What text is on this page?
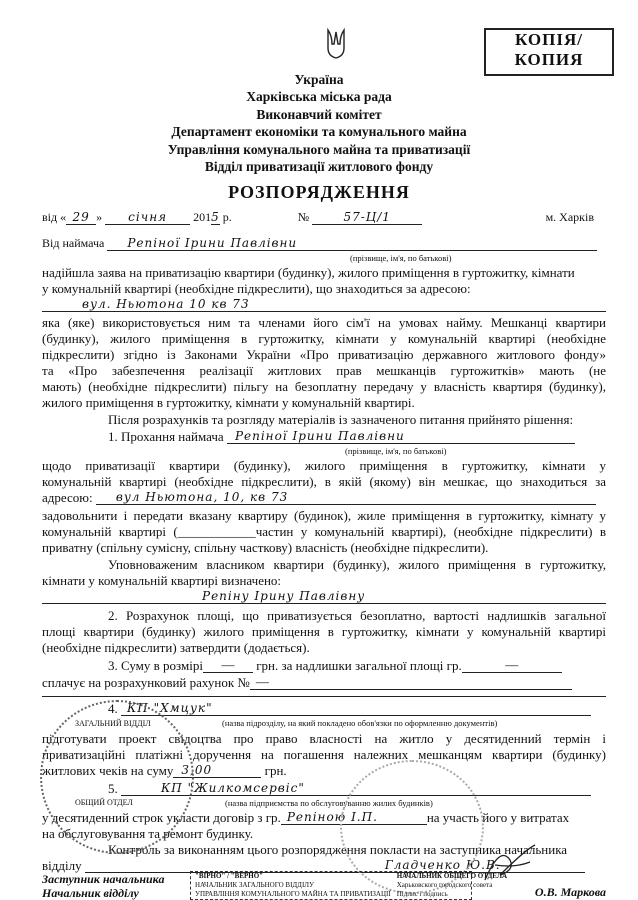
КОПІЯ/
КОПИЯ
Україна
Харківська міська рада
Виконавчий комітет
Департамент економіки та комунального майна
Управління комунального майна та приватизації
Відділ приватизації житлового фонду
РОЗПОРЯДЖЕННЯ
від « 29 » січня 2015 р.	№	57-Ц/1	м. Харків
Від наймача Репіної Ірини Павлівни
(прізвище, ім'я, по батькові)
надійшла заява на приватизацію квартири (будинку), жилого приміщення в гуртожитку, кімнати
у комунальній квартирі (необхідне підкреслити), що знаходиться за адресою:
вул. Ньютона 10 кв 73
яка (яке) використовується ним та членами його сім'ї на умовах найму. Мешканці квартири
(будинку), жилого приміщення в гуртожитку, кімнати у комунальній квартирі (необхідне
підкреслити) згідно із Законами України «Про приватизацію державного житлового фонду»
та «Про забезпечення реалізації житлових прав мешканців гуртожитків» мають (не
мають) (необхідне підкреслити) пільгу на безоплатну передачу у власність квартиря (будинку),
жилого приміщення в гуртожитку, кімнати у комунальній квартирі.
Після розрахунків та розгляду матеріалів із зазначеного питання прийнято рішення:
1. Прохання наймача Репіної Ірини Павлівни
(прізвище, ім'я, по батькові)
щодо приватизації квартири (будинку), жилого приміщення в гуртожитку, кімнати у
комунальній квартирі (необхідне підкреслити), в якій (якому) він мешкає, що знаходиться за
адресою: вул Ньютона, 10, кв 73
задовольнити і передати вказану квартиру (будинок), жиле приміщення в гуртожитку, кімнату у
комунальній квартирі (____________частин у комунальній квартирі), (необхідне підкреслити) в
приватну (спільну сумісну, спільну часткову) власність (необхідне підкреслити).
Уповноваженим власником квартири (будинку), жилого приміщення в гуртожитку,
кімнати у комунальній квартирі визначено:
Репіну Ірину Павлівну
2. Розрахунок площі, що приватизується безоплатно, вартості надлишків загальної
площі квартири (будинку) жилого приміщення в гуртожитку, кімнати у комунальній квартирі
(необхідне підкреслити) затвердити (додається).
3. Суму в розмірі — грн. за надлишки загальної площі гр.	—
сплачує на розрахунковий рахунок № —
4. КП "Хмцук"
(назва підрозділу, на який покладено обов'язки по оформленню документів)
підготувати проект свідоцтва про право власності на житло у десятиденний термін і
приватизаційні платіжні доручення на погашення належних мешканцям квартири (будинку)
житлових чеків на суму 3,00	грн.
5.	КП "Жилкомсервіс"
(назва підприємства по обслуговуванню жилих будинків)
у десятиденний строк укласти договір з гр. Репіною І.П.	на участь його у витратах
на обслуговування та ремонт будинку.
Контроль за виконанням цього розпорядження покласти на заступника начальника
відділу	Гладченко Ю.В.
Заступник начальника
Начальник відділу	О.В. Маркова
ЗАГАЛЬНИЙ ВІДДІЛ
ОБЩИЙ ОТДЕЛ
"ВІРНО" / "ВЕРНО"
НАЧАЛЬНИК ЗАГАЛЬНОГО ВІДДІЛУ
УПРАВЛІННЯ КОМУНАЛЬНОГО МАЙНА ТА ПРИВАТИЗАЦІЇ
НАЧАЛЬНИК ОБЩЕГО ОТДЕЛА
Харьковского городского совета
Підпис і подпись
